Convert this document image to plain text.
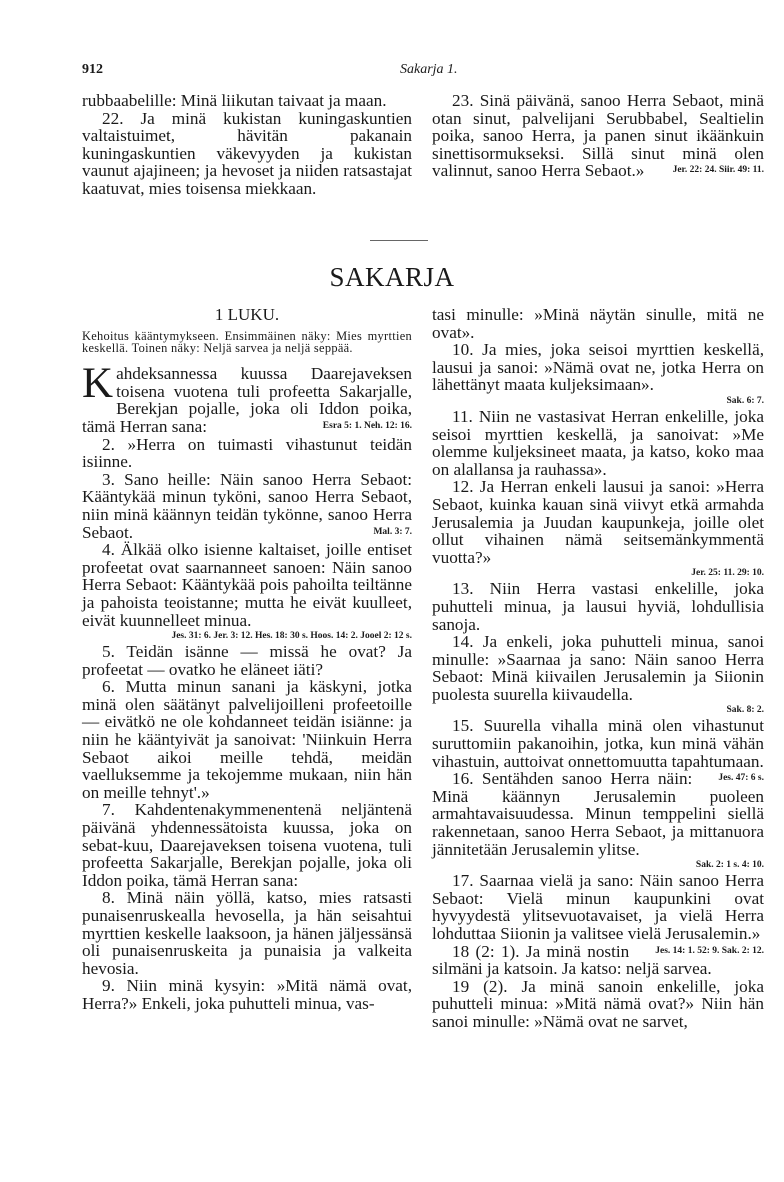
912	Sakarja 1.

rubbaabelille: Minä liikutan taivaat ja maan.

22. Ja minä kukistan kuningaskuntien valtaistuimet, hävitän pakanain kuningaskuntien väkevyyden ja kukistan vaunut ajajineen; ja hevoset ja niiden ratsastajat kaatuvat, mies toisensa miekkaan.

23. Sinä päivänä, sanoo Herra Sebaot, minä otan sinut, palvelijani Serubbabel, Sealtielin poika, sanoo Herra, ja panen sinut ikäänkuin sinettisormukseksi. Sillä sinut minä olen valinnut, sanoo Herra Sebaot.»	Jer. 22: 24. Siir. 49: 11.

SAKARJA
1 LUKU.
Kehoitus kääntymykseen. Ensimmäinen näky: Mies myrttien keskellä. Toinen näky: Neljä sarvea ja neljä seppää.

Kahdeksannessa kuussa Daarejaveksen toisena vuotena tuli profeetta Sakarjalle, Berekjan pojalle, joka oli Iddon poika, tämä Herran sana:	Esra 5: 1. Neh. 12: 16.

2. »Herra on tuimasti vihastunut teidän isiinne.

3. Sano heille: Näin sanoo Herra Sebaot: Kääntykää minun tyköni, sanoo Herra Sebaot, niin minä käännyn teidän tykönne, sanoo Herra Sebaot.	Mal. 3: 7.

4. Älkää olko isienne kaltaiset, joille entiset profeetat ovat saarnanneet sanoen: Näin sanoo Herra Sebaot: Kääntykää pois pahoilta teiltänne ja pahoista teoistanne; mutta he eivät kuulleet, eivät kuunnelleet minua.

Jes. 31: 6. Jer. 3: 12. Hes. 18: 30 s. Hoos. 14: 2. Jooel 2: 12 s.

5. Teidän isänne — missä he ovat? Ja profeetat — ovatko he eläneet iäti?

6. Mutta minun sanani ja käskyni, jotka minä olen säätänyt palvelijoilleni profeetoille — eivätkö ne ole kohdanneet teidän isiänne: ja niin he kääntyivät ja sanoivat: 'Niinkuin Herra Sebaot aikoi meille tehdä, meidän vaelluksemme ja tekojemme mukaan, niin hän on meille tehnyt'.»

7. Kahdentenakymmenentenä neljäntenä päivänä yhdennessätoista kuussa, joka on sebat-kuu, Daarejaveksen toisena vuotena, tuli profeetta Sakarjalle, Berekjan pojalle, joka oli Iddon poika, tämä Herran sana:

8. Minä näin yöllä, katso, mies ratsasti punaisenruskealla hevosella, ja hän seisahtui myrttien keskelle laaksoon, ja hänen jäljessänsä oli punaisenruskeita ja punaisia ja valkeita hevosia.

9. Niin minä kysyin: »Mitä nämä ovat, Herra?» Enkeli, joka puhutteli minua, vas-

tasi minulle: »Minä näytän sinulle, mitä ne ovat».

10. Ja mies, joka seisoi myrttien keskellä, lausui ja sanoi: »Nämä ovat ne, jotka Herra on lähettänyt maata kuljeksimaan».

Sak. 6: 7.

11. Niin ne vastasivat Herran enkelille, joka seisoi myrttien keskellä, ja sanoivat: »Me olemme kuljeksineet maata, ja katso, koko maa on alallansa ja rauhassa».

12. Ja Herran enkeli lausui ja sanoi: »Herra Sebaot, kuinka kauan sinä viivyt etkä armahda Jerusalemia ja Juudan kaupunkeja, joille olet ollut vihainen nämä seitsemänkymmentä vuotta?»

Jer. 25: 11. 29: 10.

13. Niin Herra vastasi enkelille, joka puhutteli minua, ja lausui hyviä, lohdullisia sanoja.

14. Ja enkeli, joka puhutteli minua, sanoi minulle: »Saarnaa ja sano: Näin sanoo Herra Sebaot: Minä kiivailen Jerusalemin ja Siionin puolesta suurella kiivaudella.

Sak. 8: 2.

15. Suurella vihalla minä olen vihastunut suruttomiin pakanoihin, jotka, kun minä vähän vihastuin, auttoivat onnettomuutta tapahtumaan.
Jes. 47: 6 s.

16. Sentähden sanoo Herra näin: Minä käännyn Jerusalemin puoleen armahtavaisuudessa. Minun temppelini siellä rakennetaan, sanoo Herra Sebaot, ja mittanuora jännitetään Jerusalemin ylitse.

Sak. 2: 1 s. 4: 10.

17. Saarnaa vielä ja sano: Näin sanoo Herra Sebaot: Vielä minun kaupunkini ovat hyvyydestä ylitsevuotavaiset, ja vielä Herra lohduttaa Siionin ja valitsee vielä Jerusalemin.»
Jes. 14: 1. 52: 9. Sak. 2: 12.

18 (2: 1). Ja minä nostin silmäni ja katsoin. Ja katso: neljä sarvea.

19 (2). Ja minä sanoin enkelille, joka puhutteli minua: »Mitä nämä ovat?» Niin hän sanoi minulle: »Nämä ovat ne sarvet,
